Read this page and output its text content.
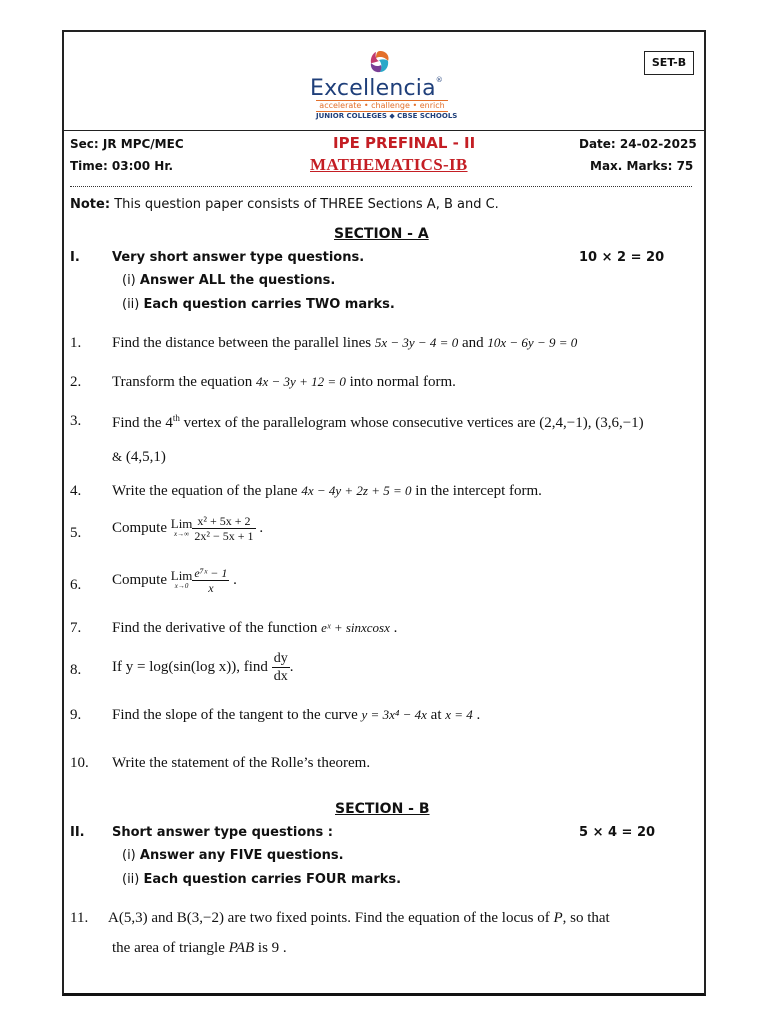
SET-B
Excellencia®
accelerate • challenge • enrich
JUNIOR COLLEGES ◆ CBSE SCHOOLS
Sec: JR MPC/MEC
Time: 03:00 Hr.
IPE PREFINAL - II
MATHEMATICS-IB
Date: 24-02-2025
Max. Marks: 75
Note: This question paper consists of THREE Sections A, B and C.
SECTION - A
I. Very short answer type questions.	10 × 2 = 20
(i) Answer ALL the questions.
(ii) Each question carries TWO marks.
1. Find the distance between the parallel lines 5x − 3y − 4 = 0 and 10x − 6y − 9 = 0
2. Transform the equation 4x − 3y + 12 = 0 into normal form.
3. Find the 4th vertex of the parallelogram whose consecutive vertices are (2,4,−1), (3,6,−1)
& (4,5,1)
4. Write the equation of the plane 4x − 4y + 2z + 5 = 0 in the intercept form.
5. Compute Lim
$x\to\infty \frac{\text{x² + 5x + 2}}{\text{2x² − 5x + 1}}$ .
6. Compute Lim
$x\to 0 \frac{\text{e⁷ˣ − 1}}{x}$ .
7. Find the derivative of the function eˣ + sinxcosx .
8. If y = log(sin(log x)), find $\frac{dy}{dx}$ .
9. Find the slope of the tangent to the curve y = 3x⁴ − 4x at x = 4 .
10. Write the statement of the Rolle’s theorem.
SECTION - B
II. Short answer type questions :	5 × 4 = 20
(i) Answer any FIVE questions.
(ii) Each question carries FOUR marks.
11. A(5,3) and B(3,−2) are two fixed points. Find the equation of the locus of P, so that
the area of triangle PAB is 9 .
